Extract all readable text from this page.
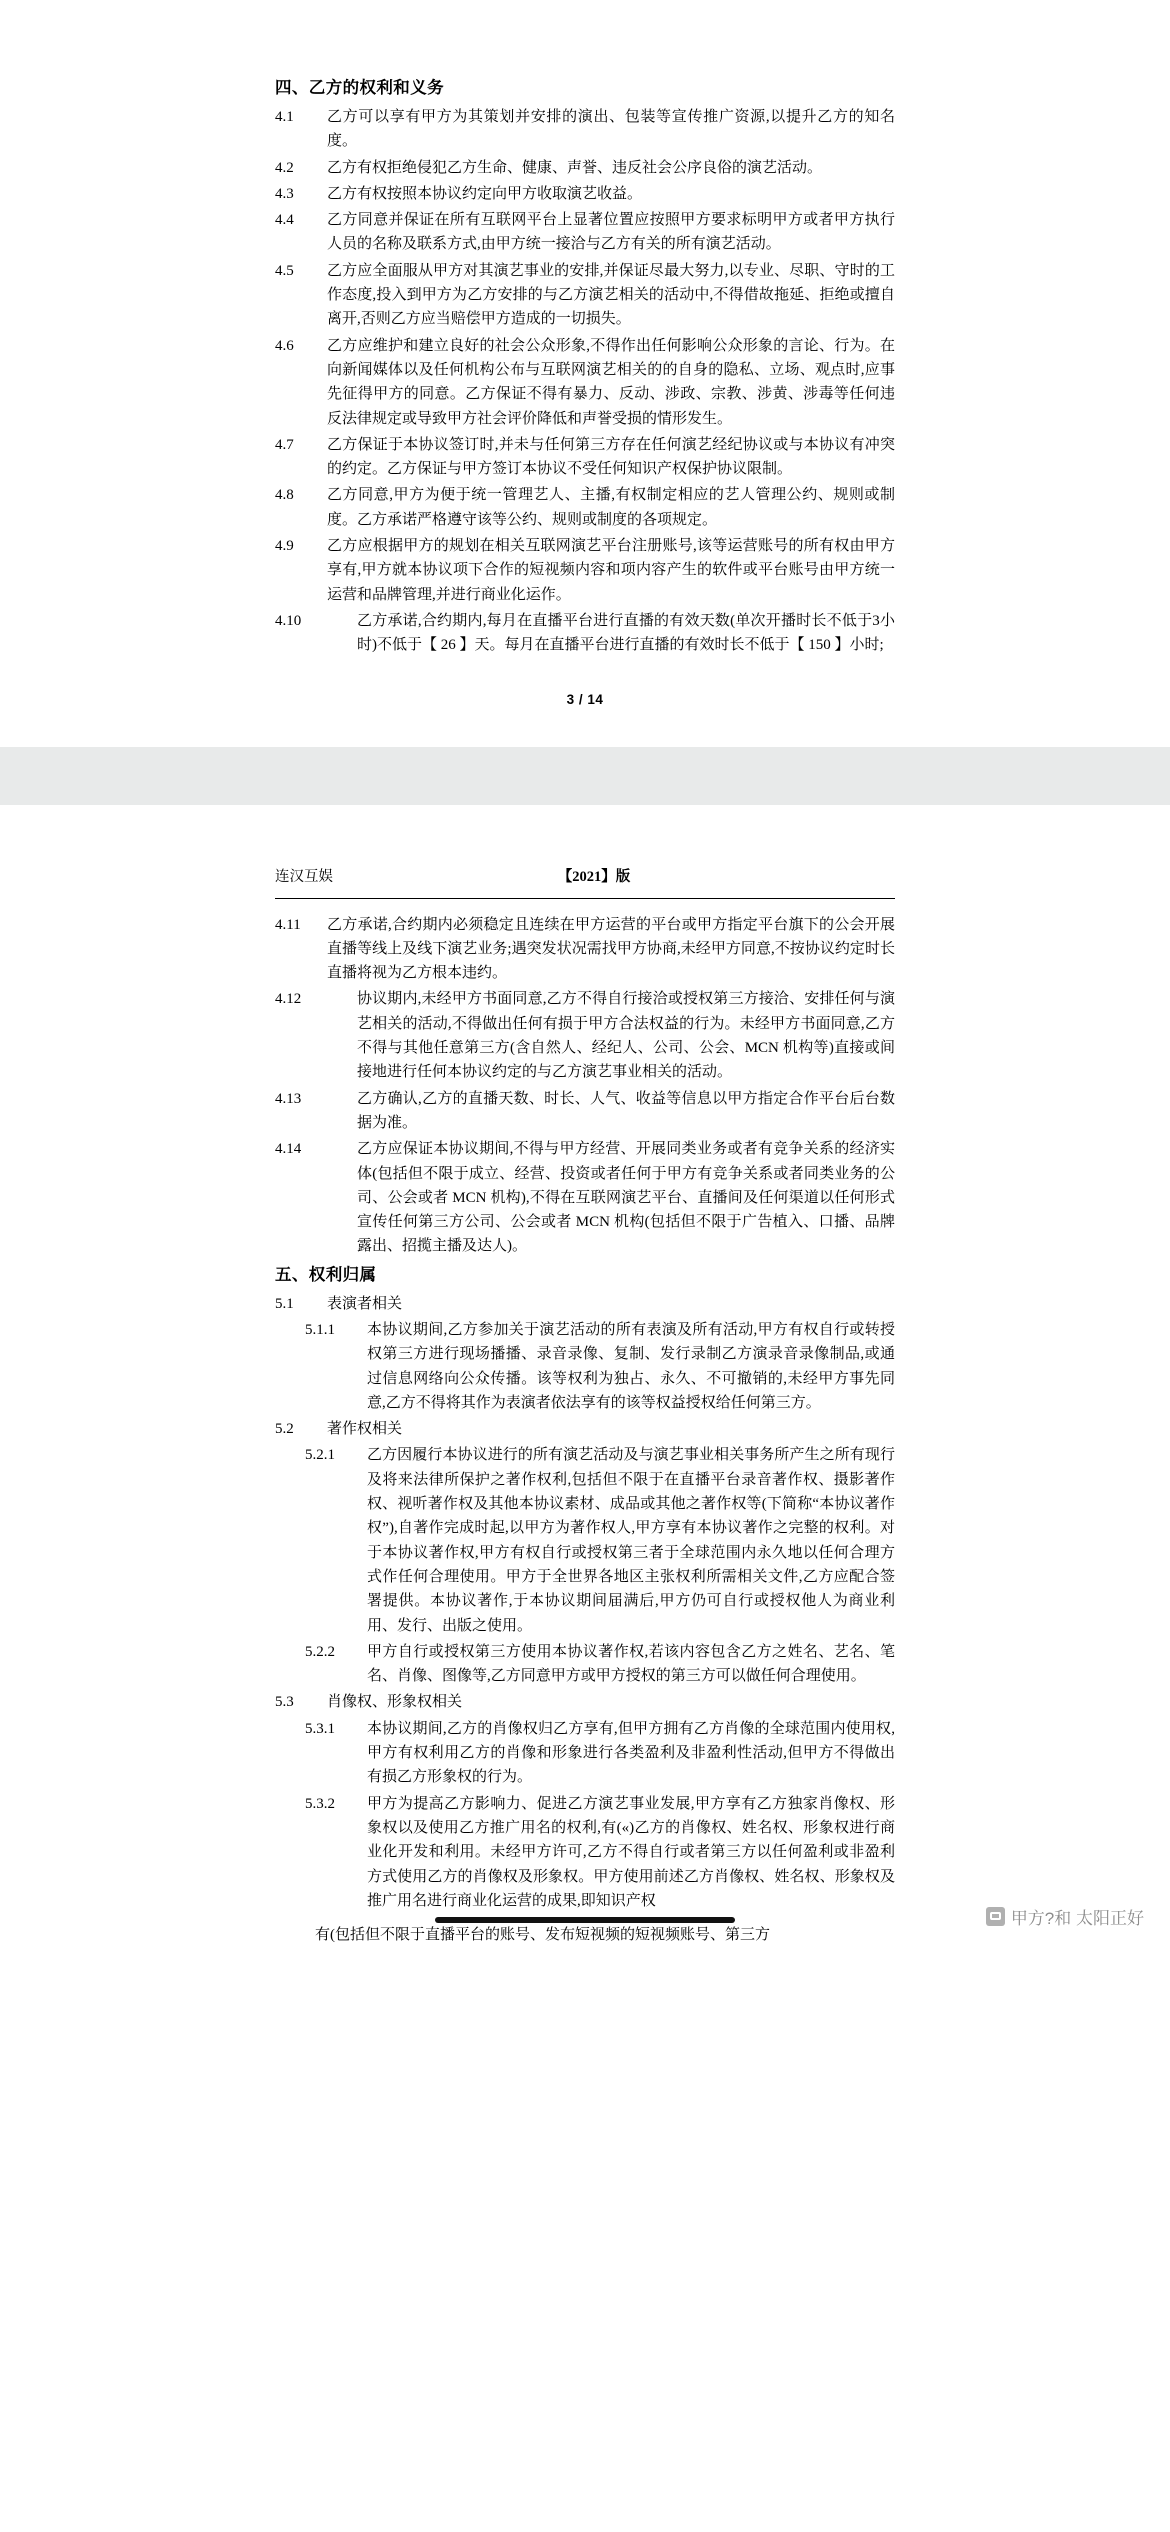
四、乙方的权利和义务
4.1	乙方可以享有甲方为其策划并安排的演出、包装等宣传推广资源,以提升乙方的知名度。
4.2	乙方有权拒绝侵犯乙方生命、健康、声誉、违反社会公序良俗的演艺活动。
4.3	乙方有权按照本协议约定向甲方收取演艺收益。
4.4	乙方同意并保证在所有互联网平台上显著位置应按照甲方要求标明甲方或者甲方执行人员的名称及联系方式,由甲方统一接洽与乙方有关的所有演艺活动。
4.5	乙方应全面服从甲方对其演艺事业的安排,并保证尽最大努力,以专业、尽职、守时的工作态度,投入到甲方为乙方安排的与乙方演艺相关的活动中,不得借故拖延、拒绝或擅自离开,否则乙方应当赔偿甲方造成的一切损失。
4.6	乙方应维护和建立良好的社会公众形象,不得作出任何影响公众形象的言论、行为。在向新闻媒体以及任何机构公布与互联网演艺相关的的自身的隐私、立场、观点时,应事先征得甲方的同意。乙方保证不得有暴力、反动、涉政、宗教、涉黄、涉毒等任何违反法律规定或导致甲方社会评价降低和声誉受损的情形发生。
4.7	乙方保证于本协议签订时,并未与任何第三方存在任何演艺经纪协议或与本协议有冲突的约定。乙方保证与甲方签订本协议不受任何知识产权保护协议限制。
4.8	乙方同意,甲方为便于统一管理艺人、主播,有权制定相应的艺人管理公约、规则或制度。乙方承诺严格遵守该等公约、规则或制度的各项规定。
4.9	乙方应根据甲方的规划在相关互联网演艺平台注册账号,该等运营账号的所有权由甲方享有,甲方就本协议项下合作的短视频内容和项内容产生的软件或平台账号由甲方统一运营和品牌管理,并进行商业化运作。
4.10	乙方承诺,合约期内,每月在直播平台进行直播的有效天数(单次开播时长不低于3小时)不低于【 26 】天。每月在直播平台进行直播的有效时长不低于【 150 】小时;
3 / 14
连汉互娱	【2021】版
4.11	乙方承诺,合约期内必须稳定且连续在甲方运营的平台或甲方指定平台旗下的公会开展直播等线上及线下演艺业务;遇突发状况需找甲方协商,未经甲方同意,不按协议约定时长直播将视为乙方根本违约。
4.12	协议期内,未经甲方书面同意,乙方不得自行接洽或授权第三方接洽、安排任何与演艺相关的活动,不得做出任何有损于甲方合法权益的行为。未经甲方书面同意,乙方不得与其他任意第三方(含自然人、经纪人、公司、公会、MCN 机构等)直接或间接地进行任何本协议约定的与乙方演艺事业相关的活动。
4.13	乙方确认,乙方的直播天数、时长、人气、收益等信息以甲方指定合作平台后台数据为准。
4.14	乙方应保证本协议期间,不得与甲方经营、开展同类业务或者有竞争关系的经济实体(包括但不限于成立、经营、投资或者任何于甲方有竞争关系或者同类业务的公司、公会或者 MCN 机构),不得在互联网演艺平台、直播间及任何渠道以任何形式宣传任何第三方公司、公会或者 MCN 机构(包括但不限于广告植入、口播、品牌露出、招揽主播及达人)。
五、权利归属
5.1	表演者相关
5.1.1	本协议期间,乙方参加关于演艺活动的所有表演及所有活动,甲方有权自行或转授权第三方进行现场播播、录音录像、复制、发行录制乙方演录音录像制品,或通过信息网络向公众传播。该等权利为独占、永久、不可撤销的,未经甲方事先同意,乙方不得将其作为表演者依法享有的该等权益授权给任何第三方。
5.2	著作权相关
5.2.1	乙方因履行本协议进行的所有演艺活动及与演艺事业相关事务所产生之所有现行及将来法律所保护之著作权利,包括但不限于在直播平台录音著作权、摄影著作权、视听著作权及其他本协议素材、成品或其他之著作权等(下简称“本协议著作权”),自著作完成时起,以甲方为著作权人,甲方享有本协议著作之完整的权利。对于本协议著作权,甲方有权自行或授权第三者于全球范围内永久地以任何合理方式作任何合理使用。甲方于全世界各地区主张权利所需相关文件,乙方应配合签署提供。本协议著作,于本协议期间届满后,甲方仍可自行或授权他人为商业利用、发行、出版之使用。
5.2.2	甲方自行或授权第三方使用本协议著作权,若该内容包含乙方之姓名、艺名、笔名、肖像、图像等,乙方同意甲方或甲方授权的第三方可以做任何合理使用。
5.3	肖像权、形象权相关
5.3.1	本协议期间,乙方的肖像权归乙方享有,但甲方拥有乙方肖像的全球范围内使用权,甲方有权利用乙方的肖像和形象进行各类盈利及非盈利性活动,但甲方不得做出有损乙方形象权的行为。
5.3.2	甲方为提高乙方影响力、促进乙方演艺事业发展,甲方享有乙方独家肖像权、形象权以及使用乙方推广用名的权利,有(«)乙方的肖像权、姓名权、形象权进行商业化开发和利用。未经甲方许可,乙方不得自行或者第三方以任何盈利或非盈利方式使用乙方的肖像权及形象权。甲方使用前述乙方肖像权、姓名权、形象权及推广用名进行商业化运营的成果,即知识产权
有(包括但不限于直播平台的账号、发布短视频的短视频账号、第三方
甲方?和 太阳正好
